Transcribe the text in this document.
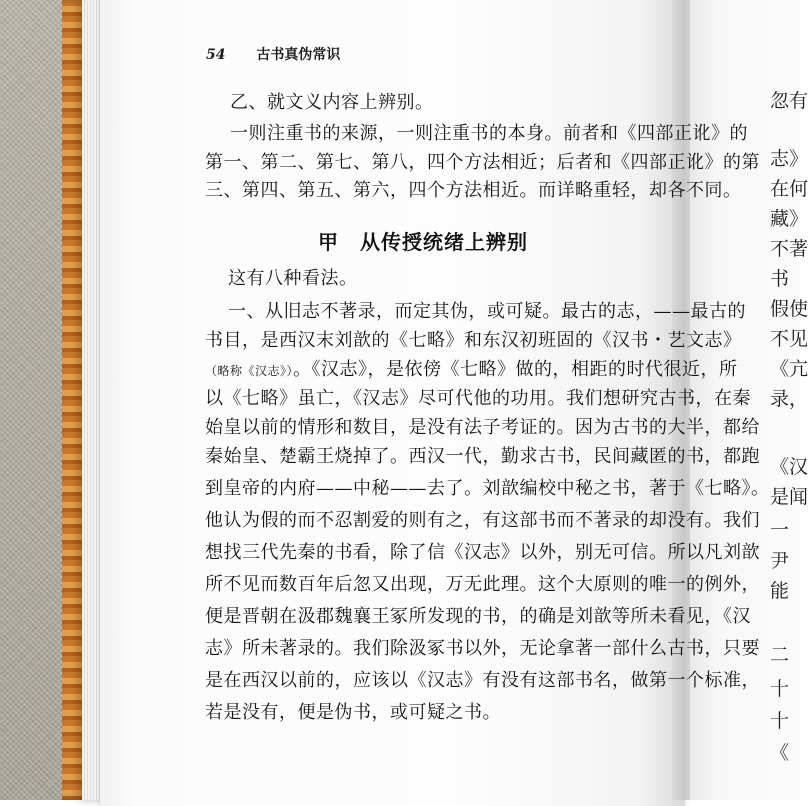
忽有
志》
在何
藏》
不著
书
假使
不见
《亢
录，
《汉
是闻
一
尹
能
二
十
十
《
54 古书真伪常识
乙、就文义内容上辨别。
一则注重书的来源，一则注重书的本身。前者和《四部正讹》的
第一、第二、第七、第八，四个方法相近；后者和《四部正讹》的第
三、第四、第五、第六，四个方法相近。而详略重轻，却各不同。
甲　从传授统绪上辨别
这有八种看法。
一、从旧志不著录，而定其伪，或可疑。最古的志，——最古的
书目，是西汉末刘歆的《七略》和东汉初班固的《汉书・艺文志》
（略称《汉志》）。《汉志》，是依傍《七略》做的，相距的时代很近，所
以《七略》虽亡，《汉志》尽可代他的功用。我们想研究古书，在秦
始皇以前的情形和数目，是没有法子考证的。因为古书的大半，都给
秦始皇、楚霸王烧掉了。西汉一代，勤求古书，民间藏匿的书，都跑
到皇帝的内府——中秘——去了。刘歆编校中秘之书，著于《七略》。
他认为假的而不忍割爱的则有之，有这部书而不著录的却没有。我们
想找三代先秦的书看，除了信《汉志》以外，别无可信。所以凡刘歆
所不见而数百年后忽又出现，万无此理。这个大原则的唯一的例外，
便是晋朝在汲郡魏襄王冢所发现的书，的确是刘歆等所未看见，《汉
志》所未著录的。我们除汲冢书以外，无论拿著一部什么古书，只要
是在西汉以前的，应该以《汉志》有没有这部书名，做第一个标准，
若是没有，便是伪书，或可疑之书。
